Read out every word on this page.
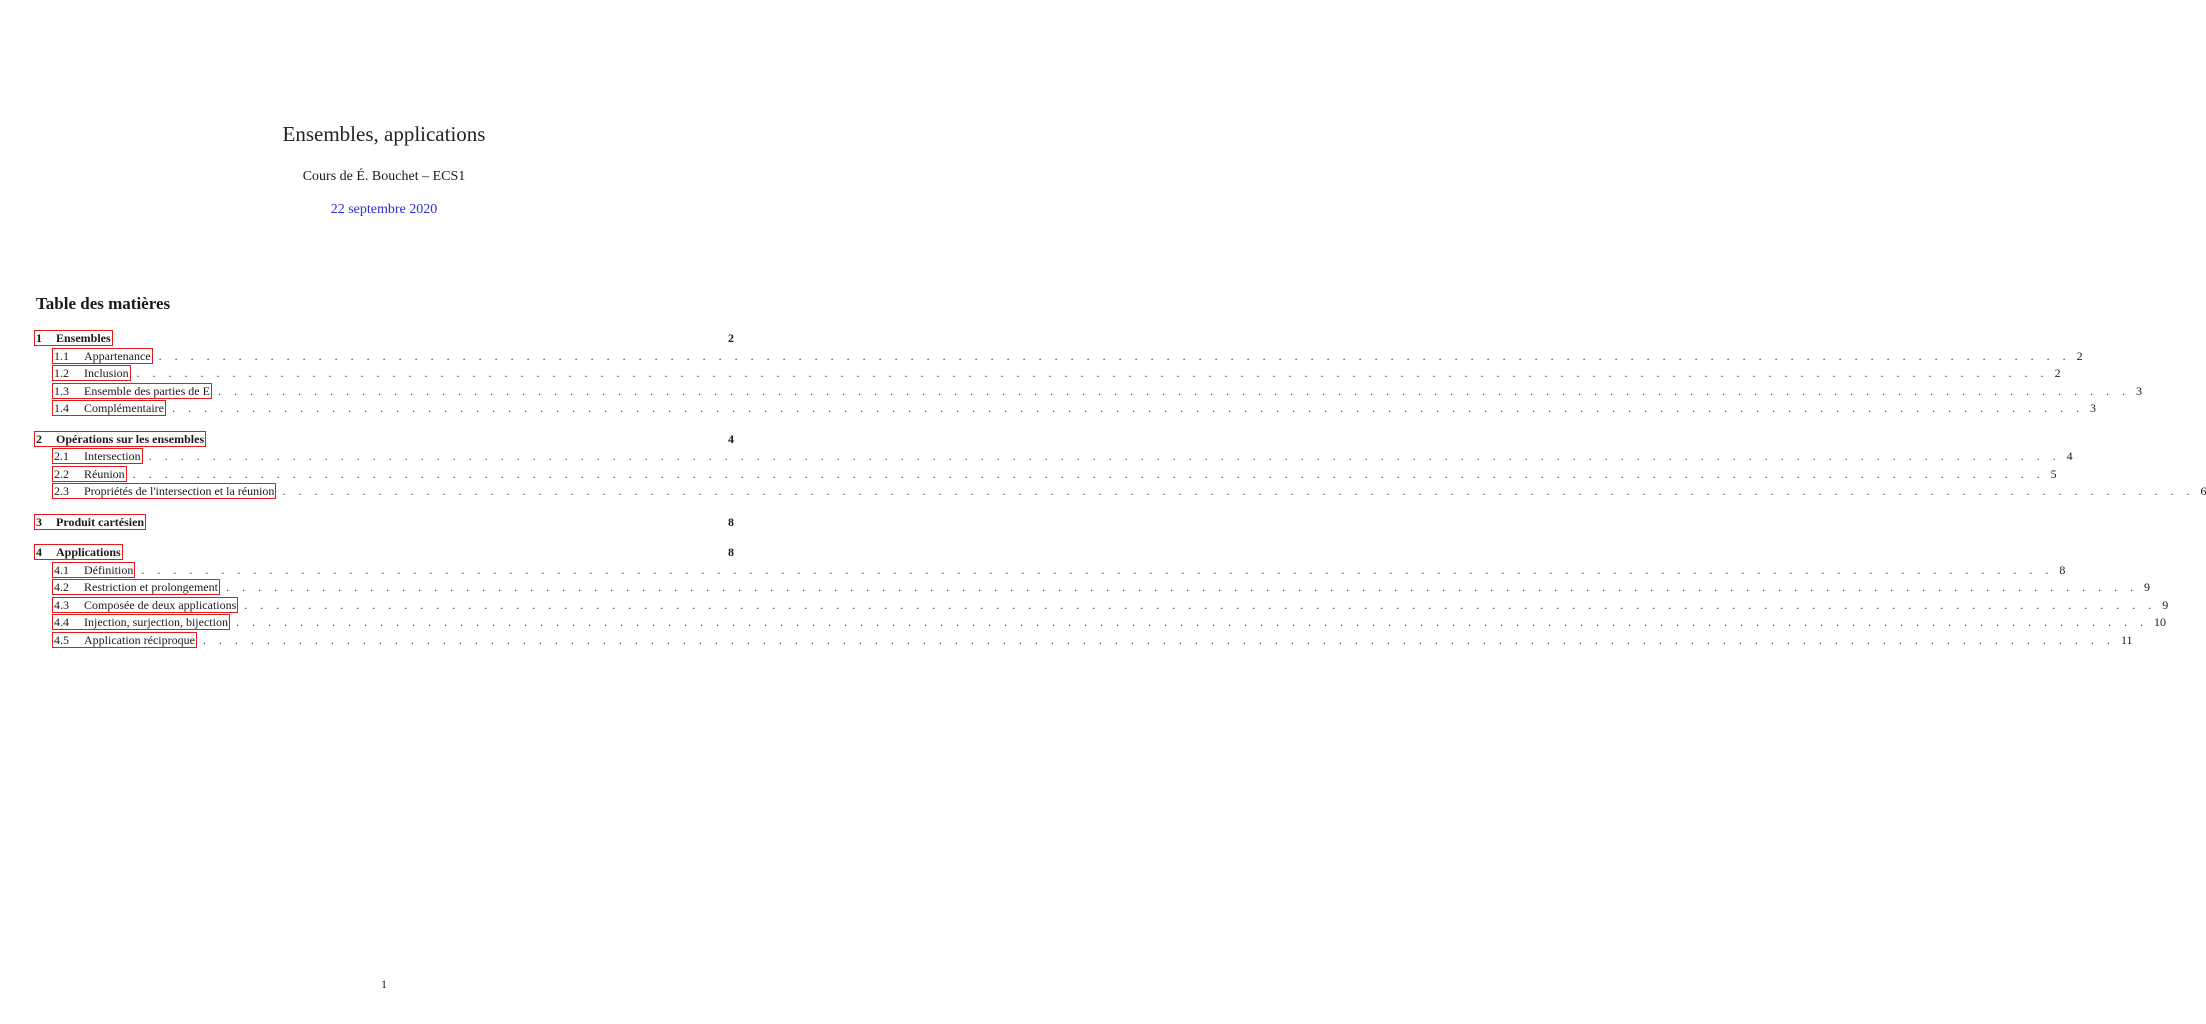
Ensembles, applications
Cours de É. Bouchet – ECS1
22 septembre 2020
Table des matières
1 Ensembles	2
1.1 Appartenance . . . . . . . . . . . . . . . . . . . . . . . . . . . . . . . . . . . . . . . . . . . . . . . . . . . . . . . . . . . . . . . . . . . . . . . . . . . . . . . . . . . . . . . . . . . . . . . . . . . . . . . . . . . . . . . . . . . . . . . . 2
1.2 Inclusion . . . . . . . . . . . . . . . . . . . . . . . . . . . . . . . . . . . . . . . . . . . . . . . . . . . . . . . . . . . . . . . . . . . . . . . . . . . . . . . . . . . . . . . . . . . . . . . . . . . . . . . . . . . . . . . . . . . . . . . . 2
1.3 Ensemble des parties de E . . . . . . . . . . . . . . . . . . . . . . . . . . . . . . . . . . . . . . . . . . . . . . . . . . . . . . . . . . . . . . . . . . . . . . . . . . . . . . . . . . . . . . . . . . . . . . . . . . . . . . . . . . . . . . . . . . . . . . . . 3
1.4 Complémentaire . . . . . . . . . . . . . . . . . . . . . . . . . . . . . . . . . . . . . . . . . . . . . . . . . . . . . . . . . . . . . . . . . . . . . . . . . . . . . . . . . . . . . . . . . . . . . . . . . . . . . . . . . . . . . . . . . . . . . . . . 3
2 Opérations sur les ensembles	4
2.1 Intersection . . . . . . . . . . . . . . . . . . . . . . . . . . . . . . . . . . . . . . . . . . . . . . . . . . . . . . . . . . . . . . . . . . . . . . . . . . . . . . . . . . . . . . . . . . . . . . . . . . . . . . . . . . . . . . . . . . . . . . . . 4
2.2 Réunion . . . . . . . . . . . . . . . . . . . . . . . . . . . . . . . . . . . . . . . . . . . . . . . . . . . . . . . . . . . . . . . . . . . . . . . . . . . . . . . . . . . . . . . . . . . . . . . . . . . . . . . . . . . . . . . . . . . . . . . . 5
2.3 Propriétés de l'intersection et la réunion . . . . . . . . . . . . . . . . . . . . . . . . . . . . . . . . . . . . . . . . . . . . . . . . . . . . . . . . . . . . . . . . . . . . . . . . . . . . . . . . . . . . . . . . . . . . . . . . . . . . . . . . . . . . . . . . . . . . . . . . 6
3 Produit cartésien	8
4 Applications	8
4.1 Définition . . . . . . . . . . . . . . . . . . . . . . . . . . . . . . . . . . . . . . . . . . . . . . . . . . . . . . . . . . . . . . . . . . . . . . . . . . . . . . . . . . . . . . . . . . . . . . . . . . . . . . . . . . . . . . . . . . . . . . . . 8
4.2 Restriction et prolongement . . . . . . . . . . . . . . . . . . . . . . . . . . . . . . . . . . . . . . . . . . . . . . . . . . . . . . . . . . . . . . . . . . . . . . . . . . . . . . . . . . . . . . . . . . . . . . . . . . . . . . . . . . . . . . . . . . . . . . . . 9
4.3 Composée de deux applications . . . . . . . . . . . . . . . . . . . . . . . . . . . . . . . . . . . . . . . . . . . . . . . . . . . . . . . . . . . . . . . . . . . . . . . . . . . . . . . . . . . . . . . . . . . . . . . . . . . . . . . . . . . . . . . . . . . . . . . . 9
4.4 Injection, surjection, bijection . . . . . . . . . . . . . . . . . . . . . . . . . . . . . . . . . . . . . . . . . . . . . . . . . . . . . . . . . . . . . . . . . . . . . . . . . . . . . . . . . . . . . . . . . . . . . . . . . . . . . . . . . . . . . . . . . . . . . . . . 10
4.5 Application réciproque . . . . . . . . . . . . . . . . . . . . . . . . . . . . . . . . . . . . . . . . . . . . . . . . . . . . . . . . . . . . . . . . . . . . . . . . . . . . . . . . . . . . . . . . . . . . . . . . . . . . . . . . . . . . . . . . . . . . . . . . 11
1
